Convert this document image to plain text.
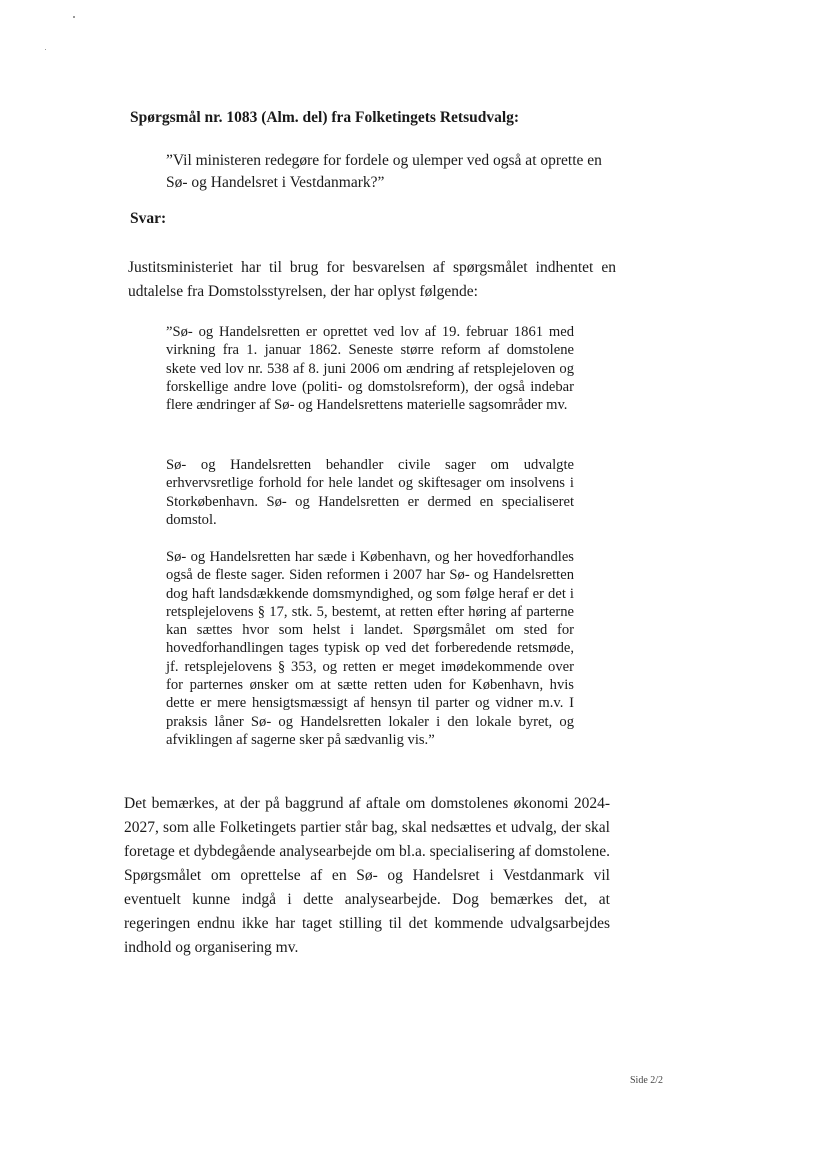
Spørgsmål nr. 1083 (Alm. del) fra Folketingets Retsudvalg:

”Vil ministeren redegøre for fordele og ulemper ved også at oprette en Sø- og Handelsret i Vestdanmark?”

Svar:

Justitsministeriet har til brug for besvarelsen af spørgsmålet indhentet en udtalelse fra Domstolsstyrelsen, der har oplyst følgende:

”Sø- og Handelsretten er oprettet ved lov af 19. februar 1861 med virkning fra 1. januar 1862. Seneste større reform af domstolene skete ved lov nr. 538 af 8. juni 2006 om ændring af retsplejeloven og forskellige andre love (politi- og domstolsreform), der også indebar flere ændringer af Sø- og Handelsrettens materielle sagsområder mv.

Sø- og Handelsretten behandler civile sager om udvalgte erhvervsretlige forhold for hele landet og skiftesager om insolvens i Storkøbenhavn. Sø- og Handelsretten er dermed en specialiseret domstol.

Sø- og Handelsretten har sæde i København, og her hovedforhandles også de fleste sager. Siden reformen i 2007 har Sø- og Handelsretten dog haft landsdækkende domsmyndighed, og som følge heraf er det i retsplejelovens § 17, stk. 5, bestemt, at retten efter høring af parterne kan sættes hvor som helst i landet. Spørgsmålet om sted for hovedforhandlingen tages typisk op ved det forberedende retsmøde, jf. retsplejelovens § 353, og retten er meget imødekommende over for parternes ønsker om at sætte retten uden for København, hvis dette er mere hensigtsmæssigt af hensyn til parter og vidner m.v. I praksis låner Sø- og Handelsretten lokaler i den lokale byret, og afviklingen af sagerne sker på sædvanlig vis.”

Det bemærkes, at der på baggrund af aftale om domstolenes økonomi 2024-2027, som alle Folketingets partier står bag, skal nedsættes et udvalg, der skal foretage et dybdegående analysearbejde om bl.a. specialisering af domstolene. Spørgsmålet om oprettelse af en Sø- og Handelsret i Vestdanmark vil eventuelt kunne indgå i dette analysearbejde. Dog bemærkes det, at regeringen endnu ikke har taget stilling til det kommende udvalgsarbejdes indhold og organisering mv.

Side 2/2
